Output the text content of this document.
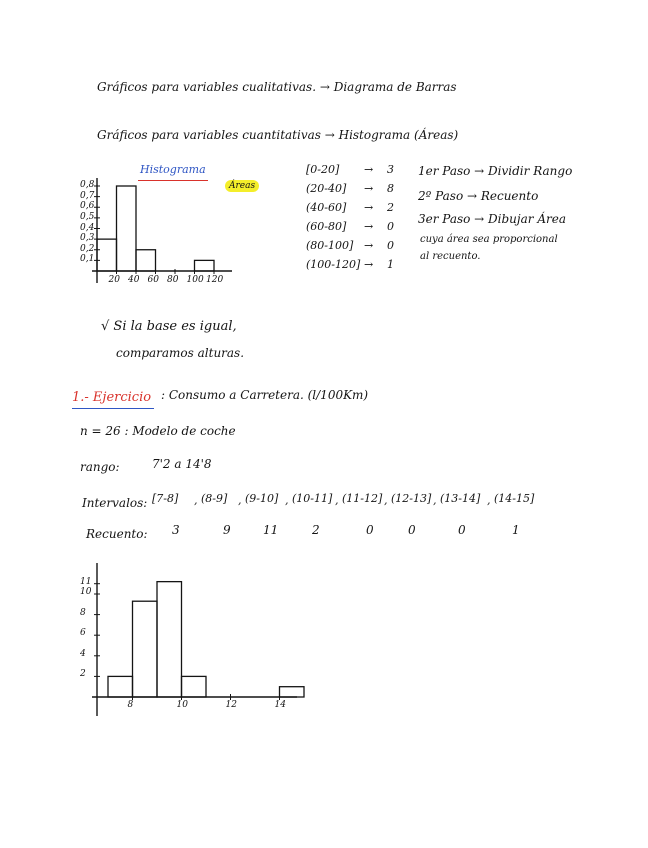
Gráficos para variables cualitativas. → Diagrama de Barras
Gráficos para variables cuantitativas → Histograma (Áreas)
Histograma
Áreas
0,8
0,7
0,6
0,5
0,4
0,3
0,2
0,1
20 40 60 80 100 120
[0-20] → 3
(20-40] → 8
(40-60] → 2
(60-80] → 0
(80-100] → 0
(100-120] → 1
1er Paso → Dividir Rango
2º Paso → Recuento
3er Paso → Dibujar Área
cuya área sea proporcional
al recuento.
√ Si la base es igual,
comparamos alturas.
1.- Ejercicio : Consumo a Carretera. (l/100Km)
n = 26 : Modelo de coche
rango:	7'2 a 14'8
Intervalos: [7-8] , (8-9] , (9-10] , (10-11] , (11-12] , (12-13] , (13-14] , (14-15]
Recuento: 3	9	11	2	0	0	0	1
11
10
8
6
4
2
8	10	12	14
